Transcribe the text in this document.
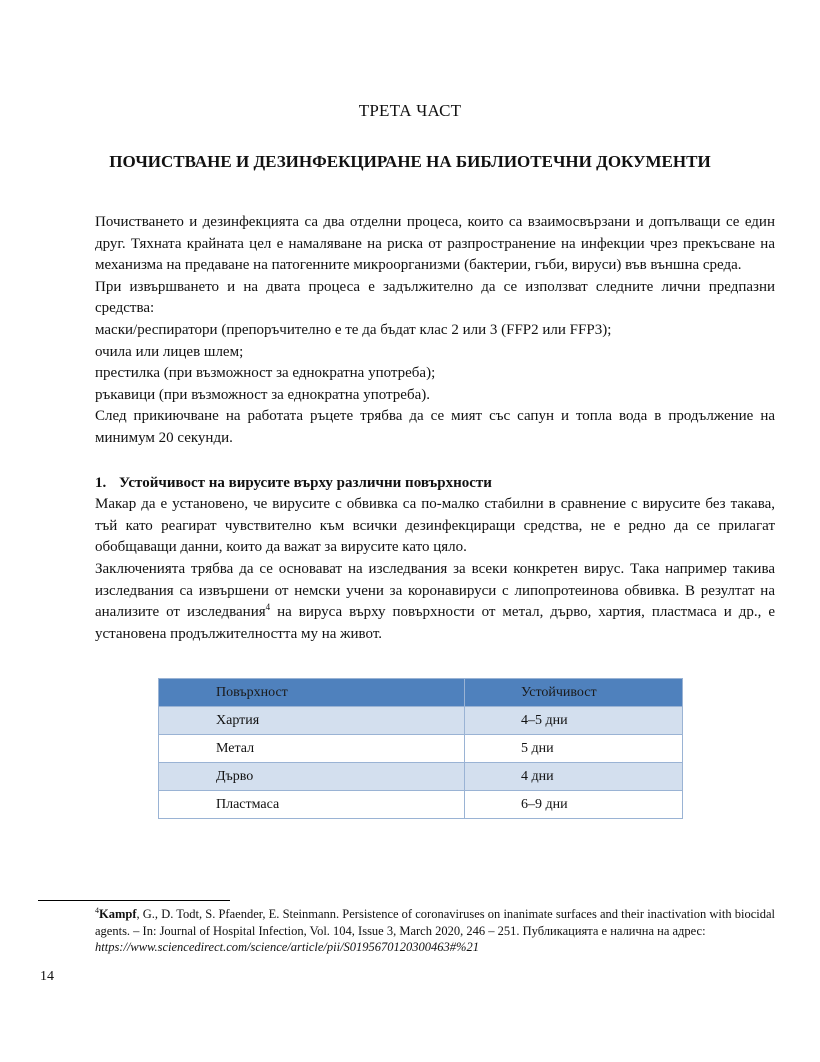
ТРЕТА ЧАСТ
ПОЧИСТВАНЕ И ДЕЗИНФЕКЦИРАНЕ НА БИБЛИОТЕЧНИ ДОКУМЕНТИ

Почистването и дезинфекцията са два отделни процеса, които са взаимосвързани и допълващи се един друг. Тяхната крайната цел е намаляване на риска от разпространение на инфекции чрез прекъсване на механизма на предаване на патогенните микроорганизми (бактерии, гъби, вируси) във външна среда.

При извършването и на двата процеса е задължително да се използват следните лични предпазни средства:

маски/респиратори (препоръчително е те да бъдат клас 2 или 3 (FFP2 или FFP3);
очила или лицев шлем;
престилка (при възможност за еднократна употреба);
ръкавици (при възможност за еднократна употреба).

След прикиючване на работата ръцете трябва да се мият със сапун и топла вода в продължение на минимум 20 секунди.

1. Устойчивост на вирусите върху различни повърхности

Макар да е установено, че вирусите с обвивка са по-малко стабилни в сравнение с вирусите без такава, тъй като реагират чувствително към всички дезинфекциращи средства, не е редно да се прилагат обобщаващи данни, които да важат за вирусите като цяло.

Заключенията трябва да се основават на изследвания за всеки конкретен вирус. Така например такива изследвания са извършени от немски учени за коронавируси с липопротеинова обвивка. В резултат на анализите от изследвания$^4$ на вируса върху повърхности от метал, дърво, хартия, пластмаса и др., е установена продължителността му на живот.

Повърхност	Устойчивост
Хартия	4–5 дни
Метал	5 дни
Дърво	4 дни
Пластмаса	6–9 дни
$^4$Kampf, G., D. Todt, S. Pfaender, E. Steinmann. Persistence of coronaviruses on inanimate surfaces and their inactivation with biocidal agents. – In: Journal of Hospital Infection, Vol. 104, Issue 3, March 2020, 246 – 251. Публикацията е налична на адрес:
https://www.sciencedirect.com/science/article/pii/S0195670120300463#%21
14
